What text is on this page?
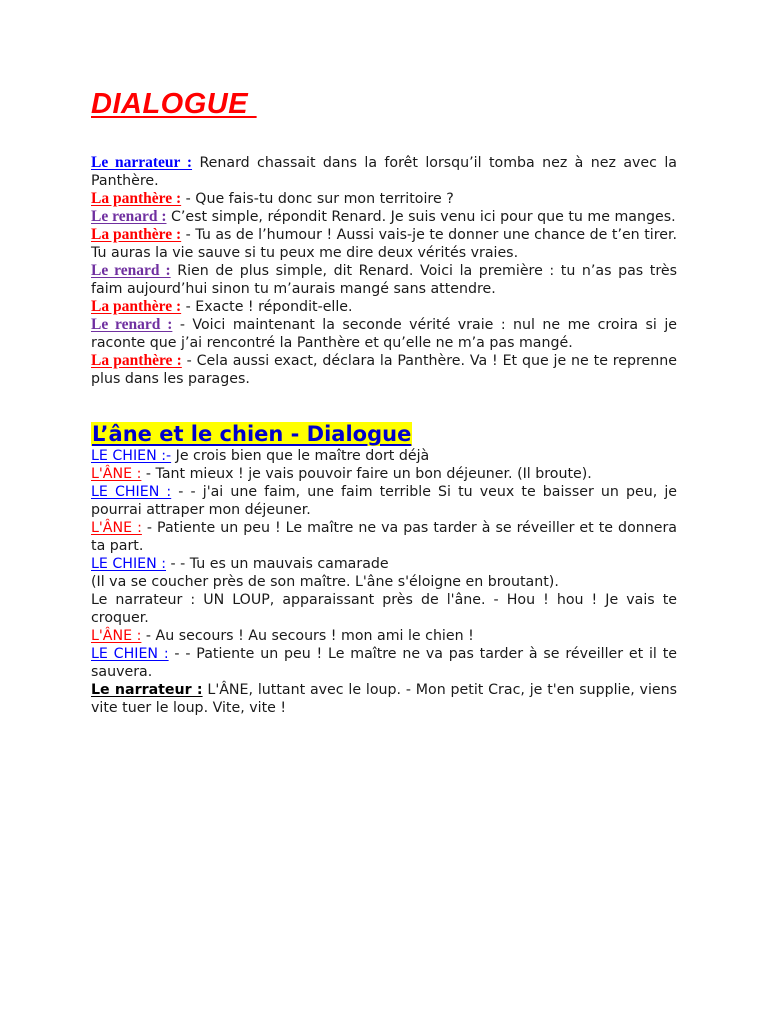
DIALOGUE

Le narrateur : Renard chassait dans la forêt lorsqu’il tomba nez à nez avec la Panthère.

La panthère : - Que fais-tu donc sur mon territoire ?

Le renard : C’est simple, répondit Renard. Je suis venu ici pour que tu me manges.

La panthère : - Tu as de l’humour ! Aussi vais-je te donner une chance de t’en tirer. Tu auras la vie sauve si tu peux me dire deux vérités vraies.

Le renard : Rien de plus simple, dit Renard. Voici la première : tu n’as pas très faim aujourd’hui sinon tu m’aurais mangé sans attendre.

La panthère : - Exacte ! répondit-elle.

Le renard : - Voici maintenant la seconde vérité vraie : nul ne me croira si je raconte que j’ai rencontré la Panthère et qu’elle ne m’a pas mangé.

La panthère : - Cela aussi exact, déclara la Panthère. Va ! Et que je ne te reprenne plus dans les parages.

L’âne et le chien - Dialogue

LE CHIEN :- Je crois bien que le maître dort déjà

L'ÂNE : - Tant mieux ! je vais pouvoir faire un bon déjeuner. (Il broute).

LE CHIEN : - - j'ai une faim, une faim terrible Si tu veux te baisser un peu, je pourrai attraper mon déjeuner.

L'ÂNE : - Patiente un peu ! Le maître ne va pas tarder à se réveiller et te donnera ta part.

LE CHIEN : - - Tu es un mauvais camarade

(Il va se coucher près de son maître. L'âne s'éloigne en broutant).

Le narrateur : UN LOUP, apparaissant près de l'âne. - Hou ! hou ! Je vais te croquer.

L'ÂNE : - Au secours ! Au secours ! mon ami le chien !

LE CHIEN : - - Patiente un peu ! Le maître ne va pas tarder à se réveiller et il te sauvera.

Le narrateur : L'ÂNE, luttant avec le loup. - Mon petit Crac, je t'en supplie, viens vite tuer le loup. Vite, vite !
